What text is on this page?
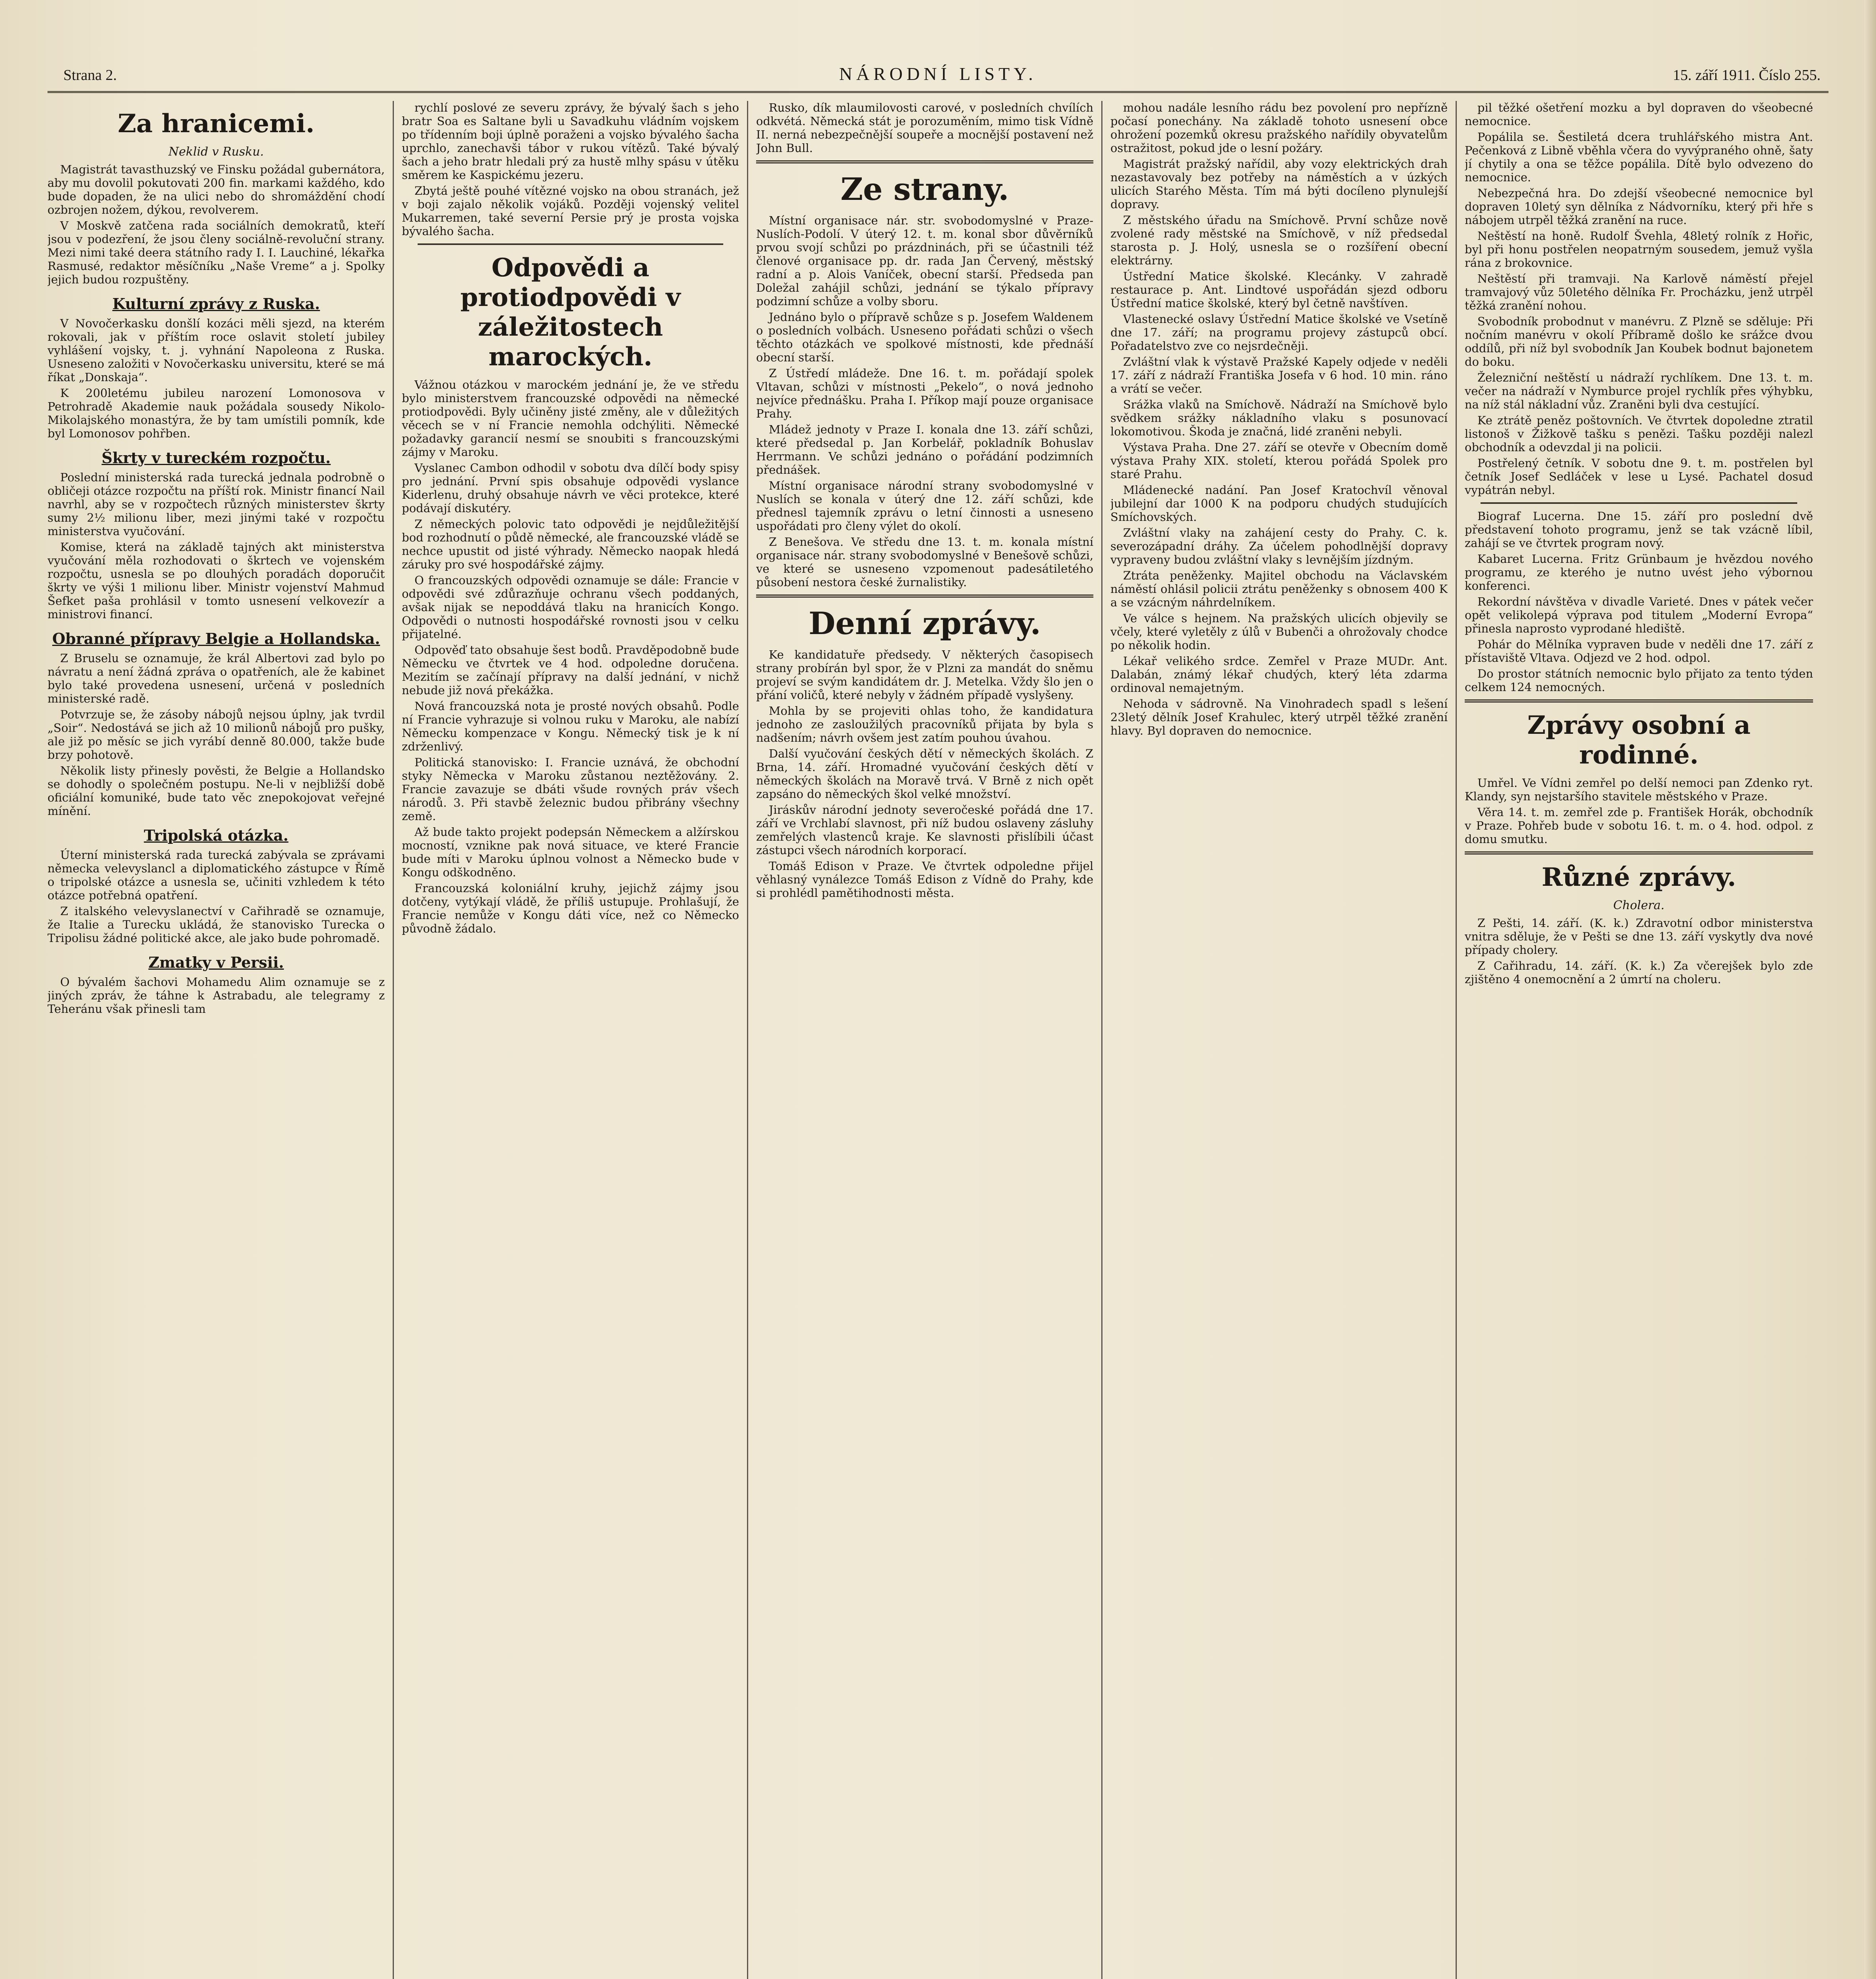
Strana 2.	NÁRODNÍ LISTY.	15. září 1911. Číslo 255.
Za hranicemi.
Neklid v Rusku.

Magistrát tavasthuzský ve Finsku požádal gubernátora, aby mu dovolil pokutovati 200 fin. markami každého, kdo bude dopaden, že na ulici nebo do shromáždění chodí ozbrojen nožem, dýkou, revolverem.

V Moskvě zatčena rada sociálních demokratů, kteří jsou v podezření, že jsou členy sociálně-revoluční strany. Mezi nimi také deera státního rady I. I. Lauchiné, lékařka Rasmusé, redaktor měsíčníku „Naše Vreme“ a j. Spolky jejich budou rozpuštěny.

Kulturní zprávy z Ruska.

V Novočerkasku donšlí kozáci měli sjezd, na kterém rokovali, jak v příštím roce oslavit století jubiley vyhlášení vojsky, t. j. vyhnání Napoleona z Ruska. Usneseno založiti v Novočerkasku universitu, které se má říkat „Donskaja“.

K 200letému jubileu narození Lomonosova v Petrohradě Akademie nauk požádala sousedy Nikolo-Mikolajského monastýra, že by tam umístili pomník, kde byl Lomonosov pohřben.

Škrty v tureckém rozpočtu.

Poslední ministerská rada turecká jednala podrobně o obličeji otázce rozpočtu na příští rok. Ministr financí Nail navrhl, aby se v rozpočtech různých ministerstev škrty sumy 2½ milionu liber, mezi jinými také v rozpočtu ministerstva vyučování.

Komise, která na základě tajných akt ministerstva vyučování měla rozhodovati o škrtech ve vojenském rozpočtu, usnesla se po dlouhých poradách doporučit škrty ve výši 1 milionu liber. Ministr vojenství Mahmud Šefket paša prohlásil v tomto usnesení velkovezír a ministrovi financí.

Obranné přípravy Belgie a Hollandska.

Z Bruselu se oznamuje, že král Albertovi zad bylo po návratu a není žádná zpráva o opatřeních, ale že kabinet bylo také provedena usnesení, určená v posledních ministerské radě.

Potvrzuje se, že zásoby nábojů nejsou úplny, jak tvrdil „Soir“. Nedostává se jich až 10 milionů nábojů pro pušky, ale již po měsíc se jich vyrábí denně 80.000, takže bude brzy pohotově.

Několik listy přinesly pověsti, že Belgie a Hollandsko se dohodly o společném postupu. Ne-li v nejbližší době oficiální komuniké, bude tato věc znepokojovat veřejné mínění.

Tripolská otázka.

Úterní ministerská rada turecká zabývala se zprávami německa velevyslancl a diplomatického zástupce v Římě o tripolské otázce a usnesla se, učiniti vzhledem k této otázce potřebná opatření.

Z italského velevyslanectví v Cařihradě se oznamuje, že Italie a Turecku ukládá, že stanovisko Turecka o Tripolisu žádné politické akce, ale jako bude pohromadě.

Zmatky v Persii.

O bývalém šachovi Mohamedu Alim oznamuje se z jiných zpráv, že táhne k Astrabadu, ale telegramy z Teheránu však přinesli tam

rychlí poslové ze severu zprávy, že bývalý šach s jeho bratr Soa es Saltane byli u Savadkuhu vládním vojskem po třídenním boji úplně poraženi a vojsko bývalého šacha uprchlo, zanechavši tábor v rukou vítězů. Také bývalý šach a jeho bratr hledali prý za hustě mlhy spásu v útěku směrem ke Kaspickému jezeru.

Zbytá ještě pouhé vítězné vojsko na obou stranách, jež v boji zajalo několik vojáků. Později vojenský velitel Mukarremen, také severní Persie prý je prosta vojska bývalého šacha.

Odpovědi a protiodpovědi v záležitostech marockých.

Vážnou otázkou v marockém jednání je, že ve středu bylo ministerstvem francouzské odpovědi na německé protiodpovědi. Byly učiněny jisté změny, ale v důležitých věcech se v ní Francie nemohla odchýliti. Německé požadavky garancií nesmí se snoubiti s francouzskými zájmy v Maroku.

Vyslanec Cambon odhodil v sobotu dva dílčí body spisy pro jednání. První spis obsahuje odpovědi vyslance Kiderlenu, druhý obsahuje návrh ve věci protekce, které podávají diskutéry.

Z německých polovic tato odpovědi je nejdůležitější bod rozhodnutí o půdě německé, ale francouzské vládě se nechce upustit od jisté výhrady. Německo naopak hledá záruky pro své hospodářské zájmy.

O francouzských odpovědi oznamuje se dále: Francie v odpovědi své zdůrazňuje ochranu všech poddaných, avšak nijak se nepoddává tlaku na hranicích Kongo. Odpovědi o nutnosti hospodářské rovnosti jsou v celku přijatelné.

Odpověď tato obsahuje šest bodů. Pravděpodobně bude Německu ve čtvrtek ve 4 hod. odpoledne doručena. Mezitím se začínají přípravy na další jednání, v nichž nebude již nová překážka.

Nová francouzská nota je prosté nových obsahů. Podle ní Francie vyhrazuje si volnou ruku v Maroku, ale nabízí Německu kompenzace v Kongu. Německý tisk je k ní zdrženlivý.

Politická stanovisko: I. Francie uznává, že obchodní styky Německa v Maroku zůstanou neztěžovány. 2. Francie zavazuje se dbáti všude rovných práv všech národů. 3. Při stavbě železnic budou přibrány všechny země.

Až bude takto projekt podepsán Německem a alžírskou mocností, vznikne pak nová situace, ve které Francie bude míti v Maroku úplnou volnost a Německo bude v Kongu odškodněno.

Francouzská koloniální kruhy, jejichž zájmy jsou dotčeny, vytýkají vládě, že příliš ustupuje. Prohlašují, že Francie nemůže v Kongu dáti více, než co Německo původně žádalo.

Rusko, dík mlaumilovosti carové, v posledních chvílích odkvétá. Německá stát je porozuměním, mimo tisk Vídně II. nerná nebezpečnější soupeře a mocnější postavení než John Bull.

Ze strany.

Místní organisace nár. str. svobodomyslné v Praze-Nuslích-Podolí. V úterý 12. t. m. konal sbor důvěrníků prvou svojí schůzi po prázdninách, při se účastnili též členové organisace pp. dr. rada Jan Červený, městský radní a p. Alois Vaníček, obecní starší. Předseda pan Doležal zahájil schůzi, jednání se týkalo přípravy podzimní schůze a volby sboru.

Jednáno bylo o přípravě schůze s p. Josefem Waldenem o posledních volbách. Usneseno pořádati schůzi o všech těchto otázkách ve spolkové místnosti, kde přednáší obecní starší.

Z Ústředí mládeže. Dne 16. t. m. pořádají spolek Vltavan, schůzi v místnosti „Pekelo“, o nová jednoho nejvíce přednášku. Praha I. Příkop mají pouze organisace Prahy.

Mládež jednoty v Praze I. konala dne 13. září schůzi, které předsedal p. Jan Korbelář, pokladník Bohuslav Herrmann. Ve schůzi jednáno o pořádání podzimních přednášek.

Místní organisace národní strany svobodomyslné v Nuslích se konala v úterý dne 12. září schůzi, kde přednesl tajemník zprávu o letní činnosti a usneseno uspořádati pro členy výlet do okolí.

Z Benešova. Ve středu dne 13. t. m. konala místní organisace nár. strany svobodomyslné v Benešově schůzi, ve které se usneseno vzpomenout padesátiletého působení nestora české žurnalistiky.

Denní zprávy.

Ke kandidatuře předsedy. V některých časopisech strany probírán byl spor, že v Plzni za mandát do sněmu projeví se svým kandidátem dr. J. Metelka. Vždy šlo jen o přání voličů, které nebyly v žádném případě vyslyšeny.

Mohla by se projeviti ohlas toho, že kandidatura jednoho ze zasloužilých pracovníků přijata by byla s nadšením; návrh ovšem jest zatím pouhou úvahou.

Další vyučování českých dětí v německých školách. Z Brna, 14. září. Hromadné vyučování českých dětí v německých školách na Moravě trvá. V Brně z nich opět zapsáno do německých škol velké množství.

Jiráskův národní jednoty severočeské pořádá dne 17. září ve Vrchlabí slavnost, při níž budou oslaveny zásluhy zemřelých vlastenců kraje. Ke slavnosti přislíbili účast zástupci všech národních korporací.

Tomáš Edison v Praze. Ve čtvrtek odpoledne přijel věhlasný vynálezce Tomáš Edison z Vídně do Prahy, kde si prohlédl pamětihodnosti města.

mohou nadále lesního rádu bez povolení pro nepřízně počasí ponechány. Na základě tohoto usnesení obce ohrožení pozemků okresu pražského nařídily obyvatelům ostražitost, pokud jde o lesní požáry.

Magistrát pražský nařídil, aby vozy elektrických drah nezastavovaly bez potřeby na náměstích a v úzkých ulicích Starého Města. Tím má býti docíleno plynulejší dopravy.

Z městského úřadu na Smíchově. První schůze nově zvolené rady městské na Smíchově, v níž předsedal starosta p. J. Holý, usnesla se o rozšíření obecní elektrárny.

Ústřední Matice školské. Klecánky. V zahradě restaurace p. Ant. Lindtové uspořádán sjezd odboru Ústřední matice školské, který byl četně navštíven.

Vlastenecké oslavy Ústřední Matice školské ve Vsetíně dne 17. září; na programu projevy zástupců obcí. Pořadatelstvo zve co nejsrdečněji.

Zvláštní vlak k výstavě Pražské Kapely odjede v neděli 17. září z nádraží Františka Josefa v 6 hod. 10 min. ráno a vrátí se večer.

Srážka vlaků na Smíchově. Nádraží na Smíchově bylo svědkem srážky nákladního vlaku s posunovací lokomotivou. Škoda je značná, lidé zraněni nebyli.

Výstava Praha. Dne 27. září se otevře v Obecním domě výstava Prahy XIX. století, kterou pořádá Spolek pro staré Prahu.

Mládenecké nadání. Pan Josef Kratochvíl věnoval jubilejní dar 1000 K na podporu chudých studujících Smíchovských.

Zvláštní vlaky na zahájení cesty do Prahy. C. k. severozápadní dráhy. Za účelem pohodlnější dopravy vypraveny budou zvláštní vlaky s levnějším jízdným.

Ztráta peněženky. Majitel obchodu na Václavském náměstí ohlásil policii ztrátu peněženky s obnosem 400 K a se vzácným náhrdelníkem.

Ve válce s hejnem. Na pražských ulicích objevily se včely, které vyletěly z úlů v Bubenči a ohrožovaly chodce po několik hodin.

Lékař velikého srdce. Zemřel v Praze MUDr. Ant. Dalabán, známý lékař chudých, který léta zdarma ordinoval nemajetným.

Nehoda v sádrovně. Na Vinohradech spadl s lešení 23letý dělník Josef Krahulec, který utrpěl těžké zranění hlavy. Byl dopraven do nemocnice.

pil těžké ošetření mozku a byl dopraven do všeobecné nemocnice.

Popálila se. Šestiletá dcera truhlářského mistra Ant. Pečenková z Libně vběhla včera do vyvýpraného ohně, šaty jí chytily a ona se těžce popálila. Dítě bylo odvezeno do nemocnice.

Nebezpečná hra. Do zdejší všeobecné nemocnice byl dopraven 10letý syn dělníka z Nádvorníku, který při hře s nábojem utrpěl těžká zranění na ruce.

Neštěstí na honě. Rudolf Švehla, 48letý rolník z Hořic, byl při honu postřelen neopatrným sousedem, jemuž vyšla rána z brokovnice.

Neštěstí při tramvaji. Na Karlově náměstí přejel tramvajový vůz 50letého dělníka Fr. Procházku, jenž utrpěl těžká zranění nohou.

Svobodník probodnut v manévru. Z Plzně se sděluje: Při nočním manévru v okolí Příbramě došlo ke srážce dvou oddílů, při níž byl svobodník Jan Koubek bodnut bajonetem do boku.

Železniční neštěstí u nádraží rychlíkem. Dne 13. t. m. večer na nádraží v Nymburce projel rychlík přes výhybku, na níž stál nákladní vůz. Zraněni byli dva cestující.

Ke ztrátě peněz poštovních. Ve čtvrtek dopoledne ztratil listonoš v Žižkově tašku s penězi. Tašku později nalezl obchodník a odevzdal ji na policii.

Postřelený četník. V sobotu dne 9. t. m. postřelen byl četník Josef Sedláček v lese u Lysé. Pachatel dosud vypátrán nebyl.

Biograf Lucerna. Dne 15. září pro poslední dvě představení tohoto programu, jenž se tak vzácně líbil, zahájí se ve čtvrtek program nový.

Kabaret Lucerna. Fritz Grünbaum je hvězdou nového programu, ze kterého je nutno uvést jeho výbornou konferenci.

Rekordní návštěva v divadle Varieté. Dnes v pátek večer opět velikolepá výprava pod titulem „Moderní Evropa“ přinesla naprosto vyprodané hlediště.

Pohár do Mělníka vypraven bude v neděli dne 17. září z přístaviště Vltava. Odjezd ve 2 hod. odpol.

Do prostor státních nemocnic bylo přijato za tento týden celkem 124 nemocných.

Zprávy osobní a rodinné.

Umřel. Ve Vídni zemřel po delší nemoci pan Zdenko ryt. Klandy, syn nejstaršího stavitele městského v Praze.

Věra 14. t. m. zemřel zde p. František Horák, obchodník v Praze. Pohřeb bude v sobotu 16. t. m. o 4. hod. odpol. z domu smutku.

Různé zprávy.
Cholera.

Z Pešti, 14. září. (K. k.) Zdravotní odbor ministerstva vnitra sděluje, že v Pešti se dne 13. září vyskytly dva nové případy cholery.

Z Cařihradu, 14. září. (K. k.) Za včerejšek bylo zde zjištěno 4 onemocnění a 2 úmrtí na choleru.
